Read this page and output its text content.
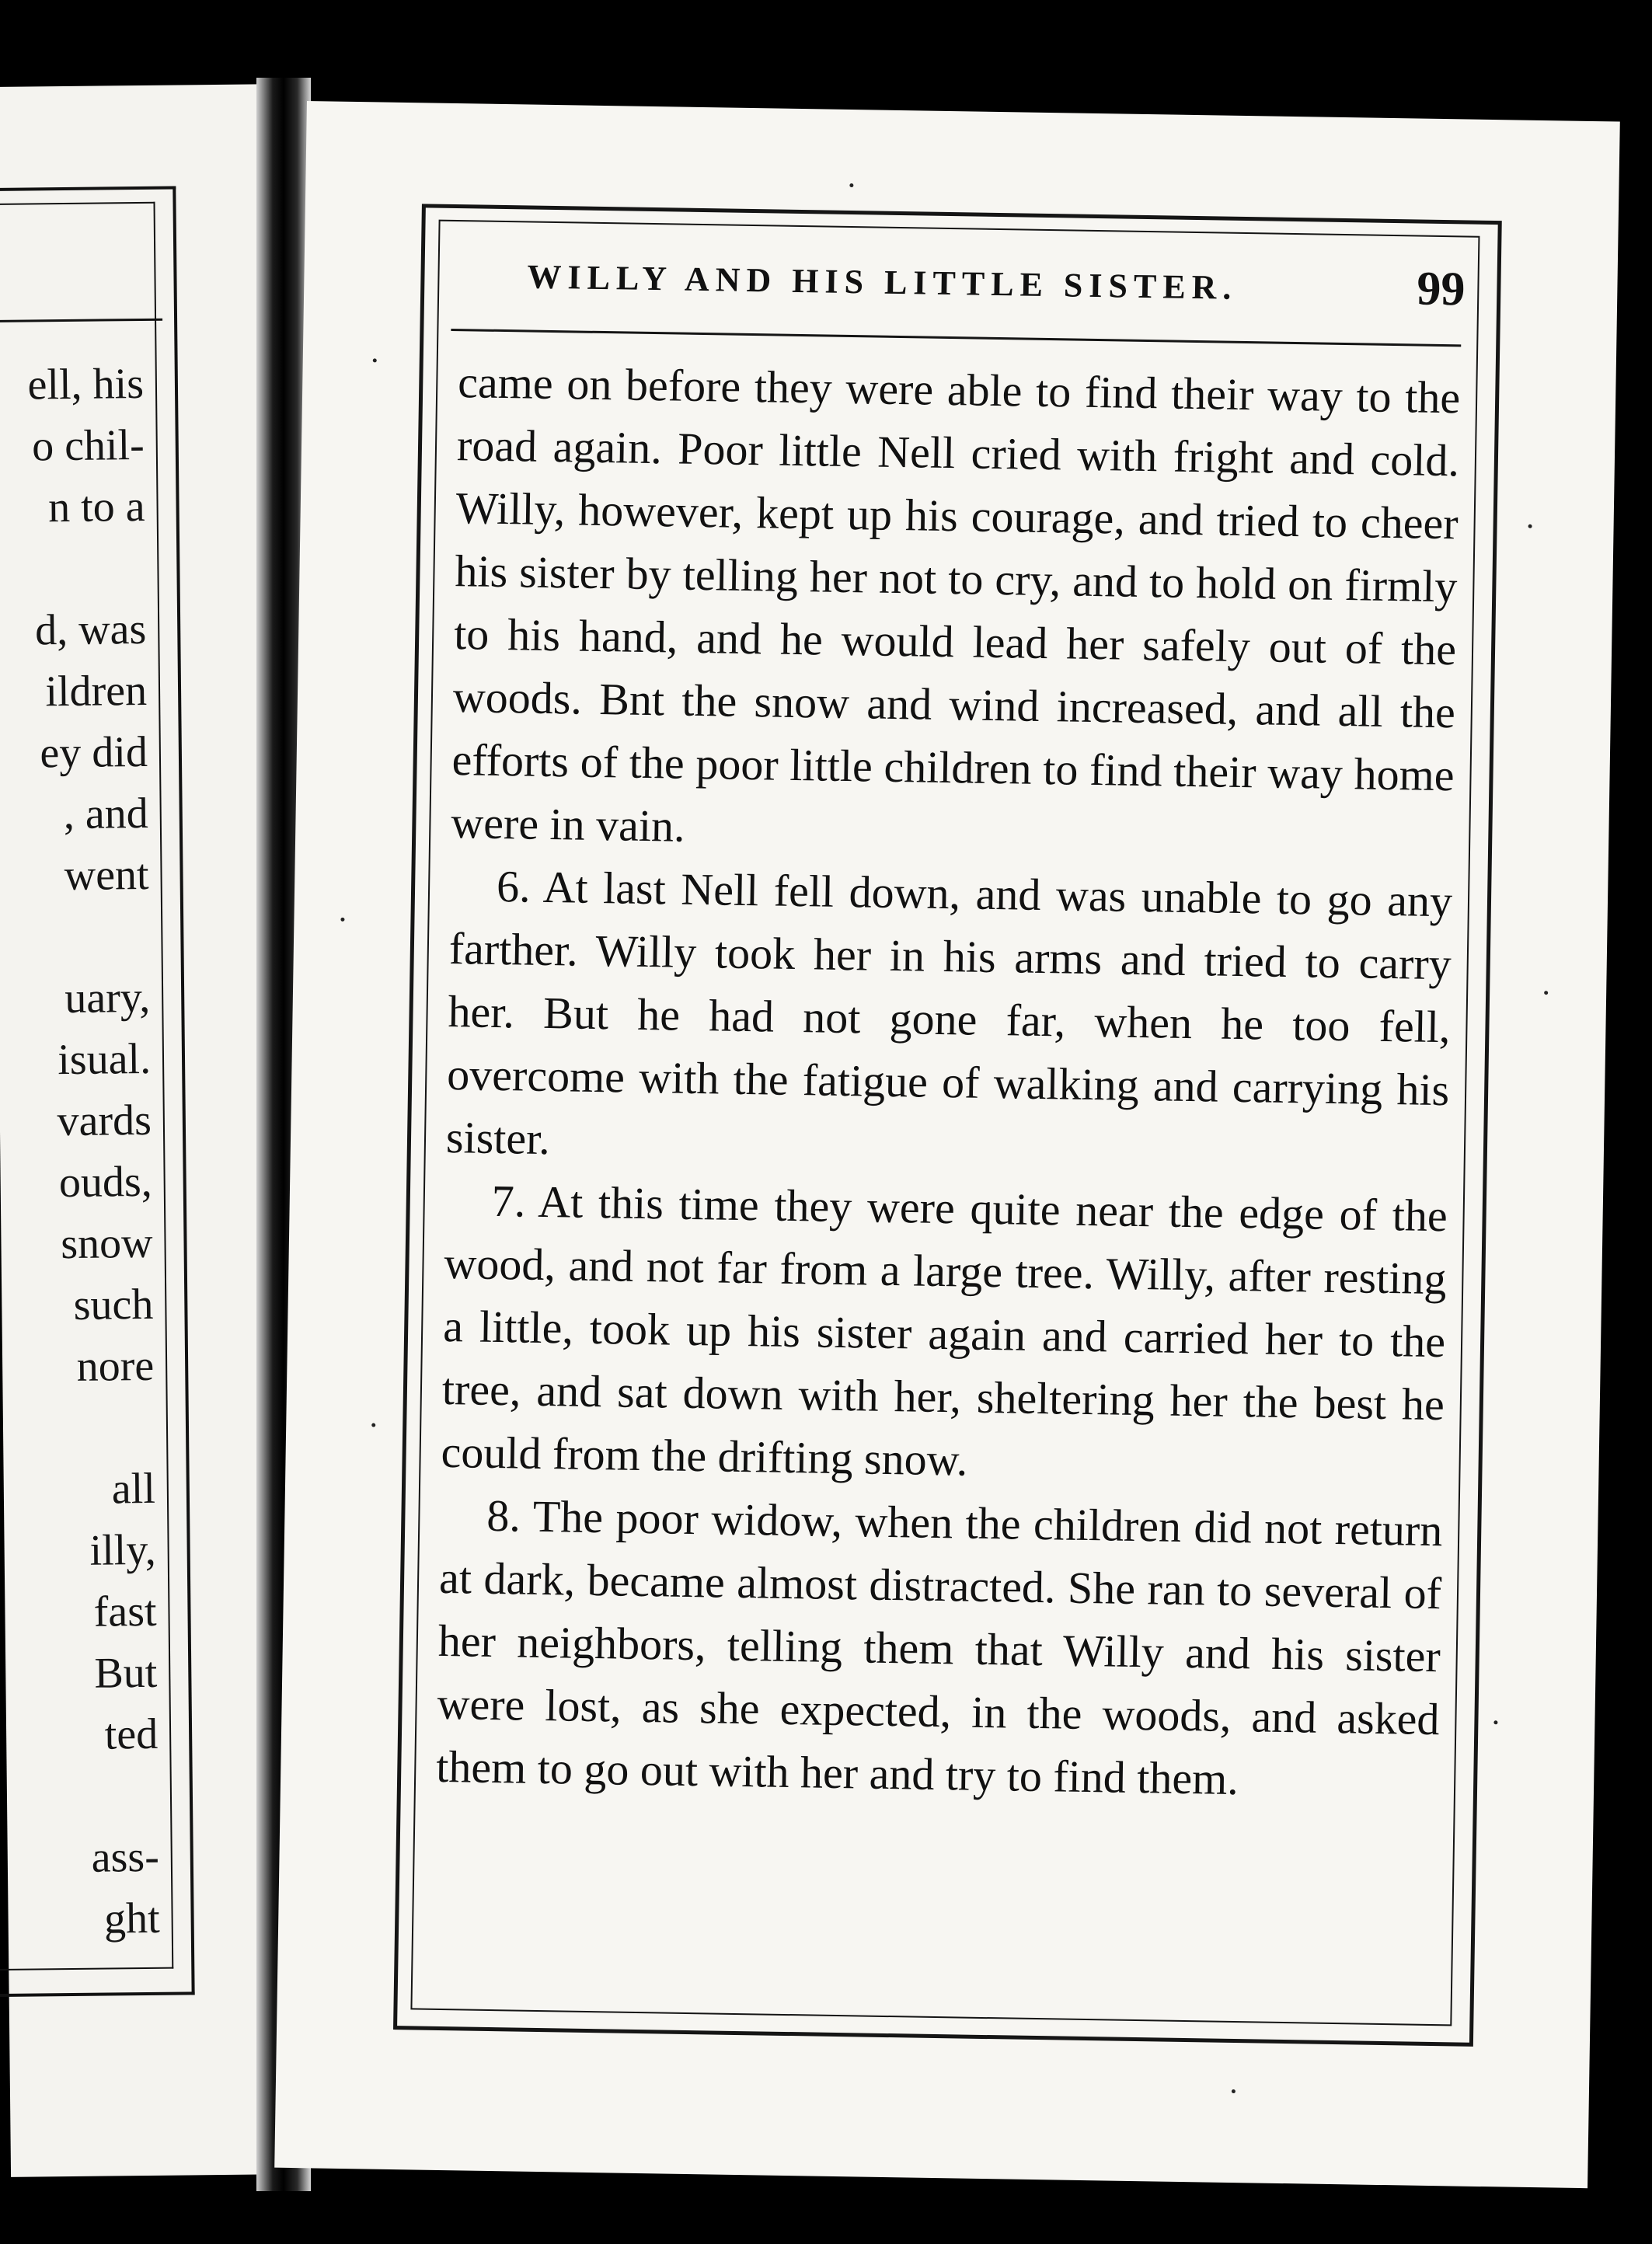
ell, his
o chil-
n to a
d, was
ildren
ey did
, and
went
uary,
isual.
vards
ouds,
snow
such
nore
all
illy,
fast
But
ted
ass-
ght
WILLY AND HIS LITTLE SISTER.	99

came on before they were able to find their way to the road again. Poor little Nell cried with fright and cold. Willy, however, kept up his courage, and tried to cheer his sister by telling her not to cry, and to hold on firmly to his hand, and he would lead her safely out of the woods. Bnt the snow and wind increased, and all the efforts of the poor little children to find their way home were in vain.

6. At last Nell fell down, and was unable to go any farther. Willy took her in his arms and tried to carry her. But he had not gone far, when he too fell, overcome with the fatigue of walking and carrying his sister.

7. At this time they were quite near the edge of the wood, and not far from a large tree. Willy, after resting a little, took up his sister again and carried her to the tree, and sat down with her, sheltering her the best he could from the drifting snow.

8. The poor widow, when the children did not return at dark, became almost distracted. She ran to several of her neighbors, telling them that Willy and his sister were lost, as she expected, in the woods, and asked them to go out with her and try to find them.
